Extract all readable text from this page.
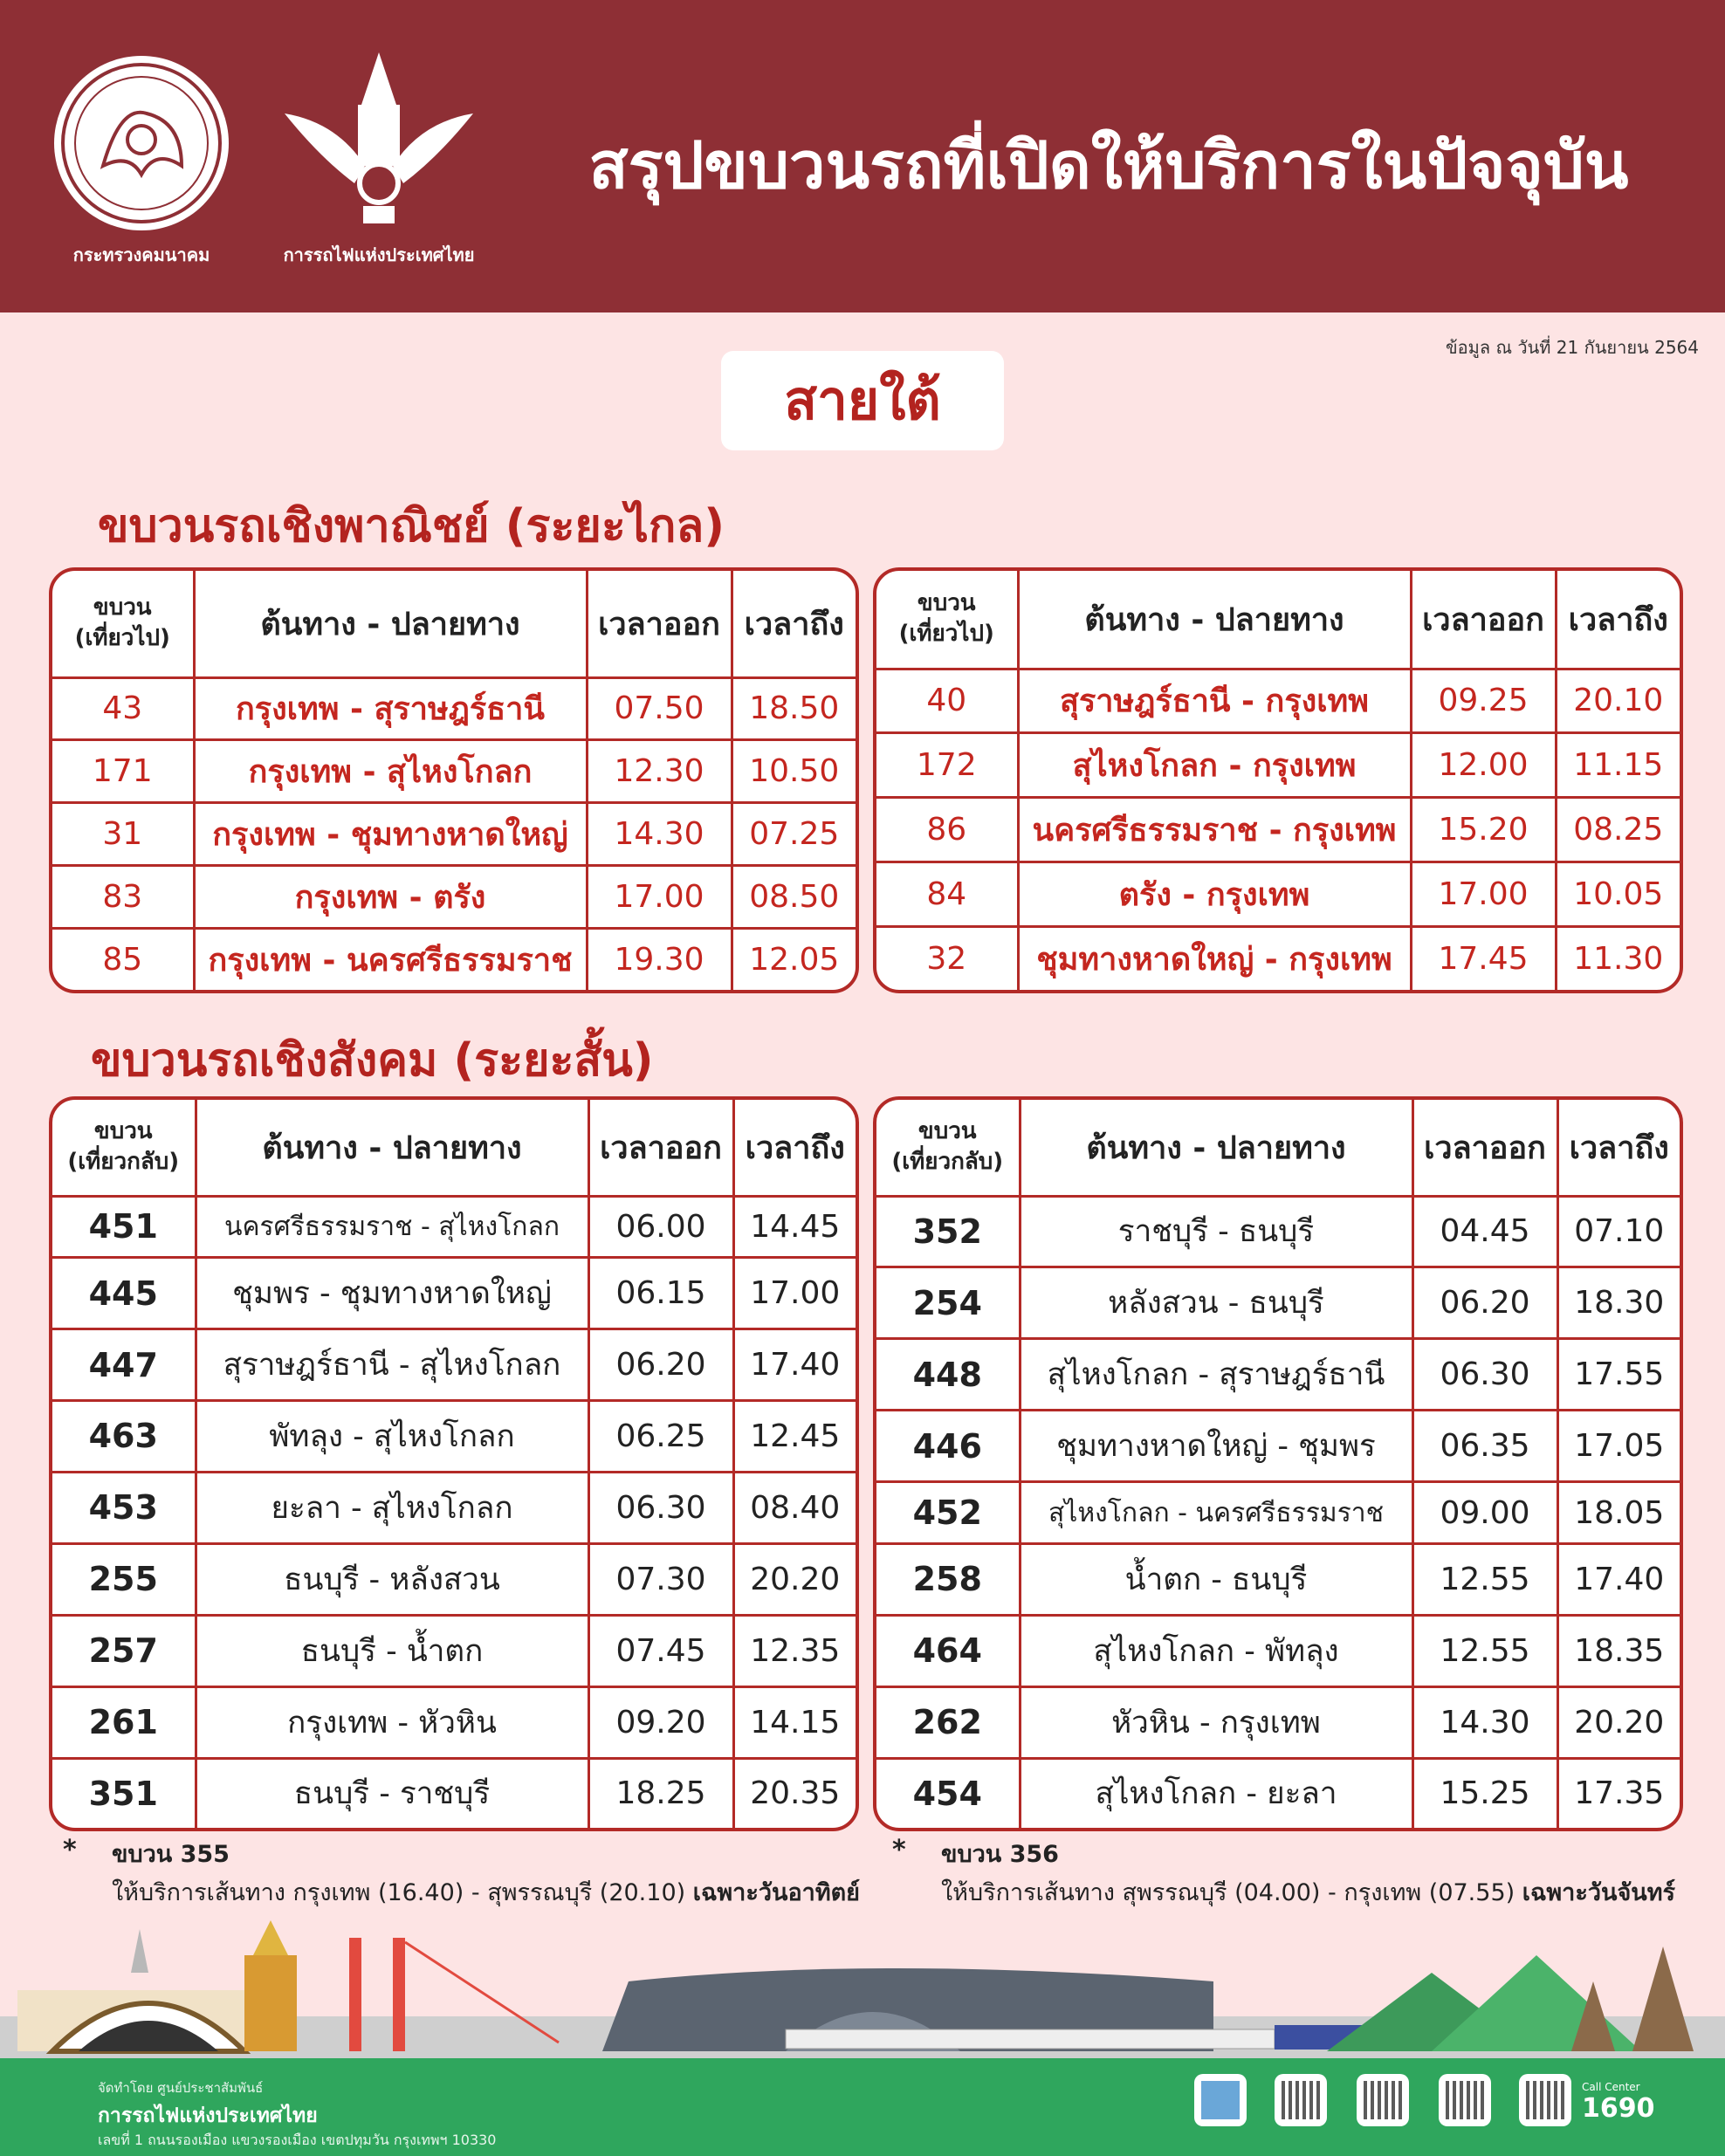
กระทรวงคมนาคม	การรถไฟแห่งประเทศไทย
สรุปขบวนรถที่เปิดให้บริการในปัจจุบัน
ข้อมูล ณ วันที่ 21 กันยายน 2564
สายใต้
ขบวนรถเชิงพาณิชย์ (ระยะไกล)
ขบวน
(เที่ยวไป)	ต้นทาง - ปลายทาง	เวลาออก	เวลาถึง
43	กรุงเทพ - สุราษฎร์ธานี	07.50	18.50
171	กรุงเทพ - สุไหงโกลก	12.30	10.50
31	กรุงเทพ - ชุมทางหาดใหญ่	14.30	07.25
83	กรุงเทพ - ตรัง	17.00	08.50
85	กรุงเทพ - นครศรีธรรมราช	19.30	12.05
ขบวน
(เที่ยวไป)	ต้นทาง - ปลายทาง	เวลาออก	เวลาถึง
40	สุราษฎร์ธานี - กรุงเทพ	09.25	20.10
172	สุไหงโกลก - กรุงเทพ	12.00	11.15
86	นครศรีธรรมราช - กรุงเทพ	15.20	08.25
84	ตรัง - กรุงเทพ	17.00	10.05
32	ชุมทางหาดใหญ่ - กรุงเทพ	17.45	11.30
ขบวนรถเชิงสังคม (ระยะสั้น)
ขบวน
(เที่ยวกลับ)	ต้นทาง - ปลายทาง	เวลาออก	เวลาถึง
451	นครศรีธรรมราช - สุไหงโกลก	06.00	14.45
445	ชุมพร - ชุมทางหาดใหญ่	06.15	17.00
447	สุราษฎร์ธานี - สุไหงโกลก	06.20	17.40
463	พัทลุง - สุไหงโกลก	06.25	12.45
453	ยะลา - สุไหงโกลก	06.30	08.40
255	ธนบุรี - หลังสวน	07.30	20.20
257	ธนบุรี - น้ำตก	07.45	12.35
261	กรุงเทพ - หัวหิน	09.20	14.15
351	ธนบุรี - ราชบุรี	18.25	20.35
ขบวน
(เที่ยวกลับ)	ต้นทาง - ปลายทาง	เวลาออก	เวลาถึง
352	ราชบุรี - ธนบุรี	04.45	07.10
254	หลังสวน - ธนบุรี	06.20	18.30
448	สุไหงโกลก - สุราษฎร์ธานี	06.30	17.55
446	ชุมทางหาดใหญ่ - ชุมพร	06.35	17.05
452	สุไหงโกลก - นครศรีธรรมราช	09.00	18.05
258	น้ำตก - ธนบุรี	12.55	17.40
464	สุไหงโกลก - พัทลุง	12.55	18.35
262	หัวหิน - กรุงเทพ	14.30	20.20
454	สุไหงโกลก - ยะลา	15.25	17.35
* ขบวน 355
ให้บริการเส้นทาง กรุงเทพ (16.40) - สุพรรณบุรี (20.10) เฉพาะวันอาทิตย์
* ขบวน 356
ให้บริการเส้นทาง สุพรรณบุรี (04.00) - กรุงเทพ (07.55) เฉพาะวันจันทร์
จัดทำโดย ศูนย์ประชาสัมพันธ์
การรถไฟแห่งประเทศไทย
เลขที่ 1 ถนนรองเมือง แขวงรองเมือง เขตปทุมวัน กรุงเทพฯ 10330
Call Center
1690
